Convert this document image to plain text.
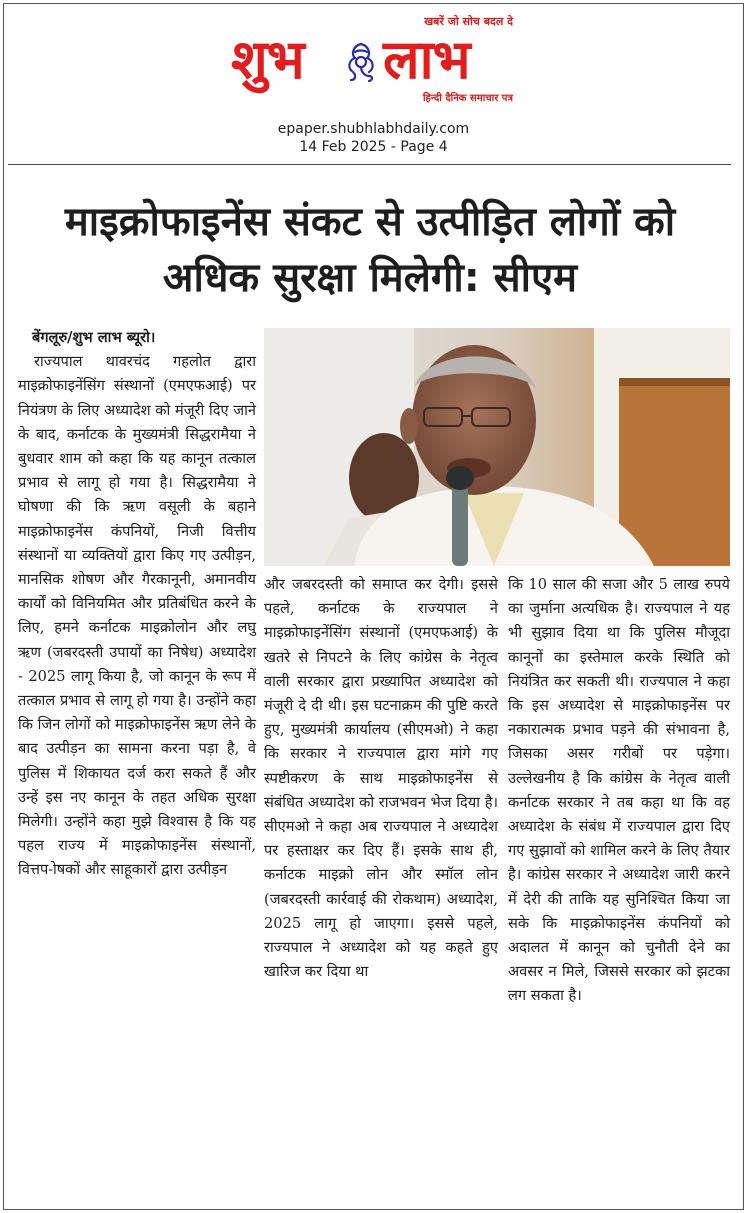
खबरें जो सोच बदल दे
शुभ लाभ
हिन्दी दैनिक समाचार पत्र
epaper.shubhlabhdaily.com
14 Feb 2025 - Page 4
माइक्रोफाइनेंस संकट से उत्पीड़ित लोगों को अधिक सुरक्षा मिलेगी: सीएम
बेंगलूरु/शुभ लाभ ब्यूरो।

राज्यपाल थावरचंद गहलोत द्वारा माइक्रोफाइनेंसिंग संस्थानों (एमएफआई) पर नियंत्रण के लिए अध्यादेश को मंजूरी दिए जाने के बाद, कर्नाटक के मुख्यमंत्री सिद्धरामैया ने बुधवार शाम को कहा कि यह कानून तत्काल प्रभाव से लागू हो गया है। सिद्धरामैया ने घोषणा की कि ऋण वसूली के बहाने माइक्रोफाइनेंस कंपनियों, निजी वित्तीय संस्थानों या व्यक्तियों द्वारा किए गए उत्पीड़न, मानसिक शोषण और गैरकानूनी, अमानवीय कार्यों को विनियमित और प्रतिबंधित करने के लिए, हमने कर्नाटक माइक्रोलोन और लघु ऋण (जबरदस्ती उपायों का निषेध) अध्यादेश - 2025 लागू किया है, जो कानून के रूप में तत्काल प्रभाव से लागू हो गया है। उन्होंने कहा कि जिन लोगों को माइक्रोफाइनेंस ऋण लेने के बाद उत्पीड़न का सामना करना पड़ा है, वे पुलिस में शिकायत दर्ज करा सकते हैं और उन्हें इस नए कानून के तहत अधिक सुरक्षा मिलेगी। उन्होंने कहा मुझे विश्वास है कि यह पहल राज्य में माइक्रोफाइनेंस संस्थानों, वित्तप-ोषकों और साहूकारों द्वारा उत्पीड़न

और जबरदस्ती को समाप्त कर देगी। इससे पहले, कर्नाटक के राज्यपाल ने माइक्रोफाइनेंसिंग संस्थानों (एमएफआई) के खतरे से निपटने के लिए कांग्रेस के नेतृत्व वाली सरकार द्वारा प्रख्यापित अध्यादेश को मंजूरी दे दी थी। इस घटनाक्रम की पुष्टि करते हुए, मुख्यमंत्री कार्यालय (सीएमओ) ने कहा कि सरकार ने राज्यपाल द्वारा मांगे गए स्पष्टीकरण के साथ माइक्रोफाइनेंस से संबंधित अध्यादेश को राजभवन भेज दिया है। सीएमओ ने कहा अब राज्यपाल ने अध्यादेश पर हस्ताक्षर कर दिए हैं। इसके साथ ही, कर्नाटक माइक्रो लोन और स्मॉल लोन (जबरदस्ती कार्रवाई की रोकथाम) अध्यादेश, 2025 लागू हो जाएगा। इससे पहले, राज्यपाल ने अध्यादेश को यह कहते हुए खारिज कर दिया था

कि 10 साल की सजा और 5 लाख रुपये का जुर्माना अत्यधिक है। राज्यपाल ने यह भी सुझाव दिया था कि पुलिस मौजूदा कानूनों का इस्तेमाल करके स्थिति को नियंत्रित कर सकती थी। राज्यपाल ने कहा कि इस अध्यादेश से माइक्रोफाइनेंस पर नकारात्मक प्रभाव पड़ने की संभावना है, जिसका असर गरीबों पर पड़ेगा। उल्लेखनीय है कि कांग्रेस के नेतृत्व वाली कर्नाटक सरकार ने तब कहा था कि वह अध्यादेश के संबंध में राज्यपाल द्वारा दिए गए सुझावों को शामिल करने के लिए तैयार है। कांग्रेस सरकार ने अध्यादेश जारी करने में देरी की ताकि यह सुनिश्चित किया जा सके कि माइक्रोफाइनेंस कंपनियों को अदालत में कानून को चुनौती देने का अवसर न मिले, जिससे सरकार को झटका लग सकता है।
